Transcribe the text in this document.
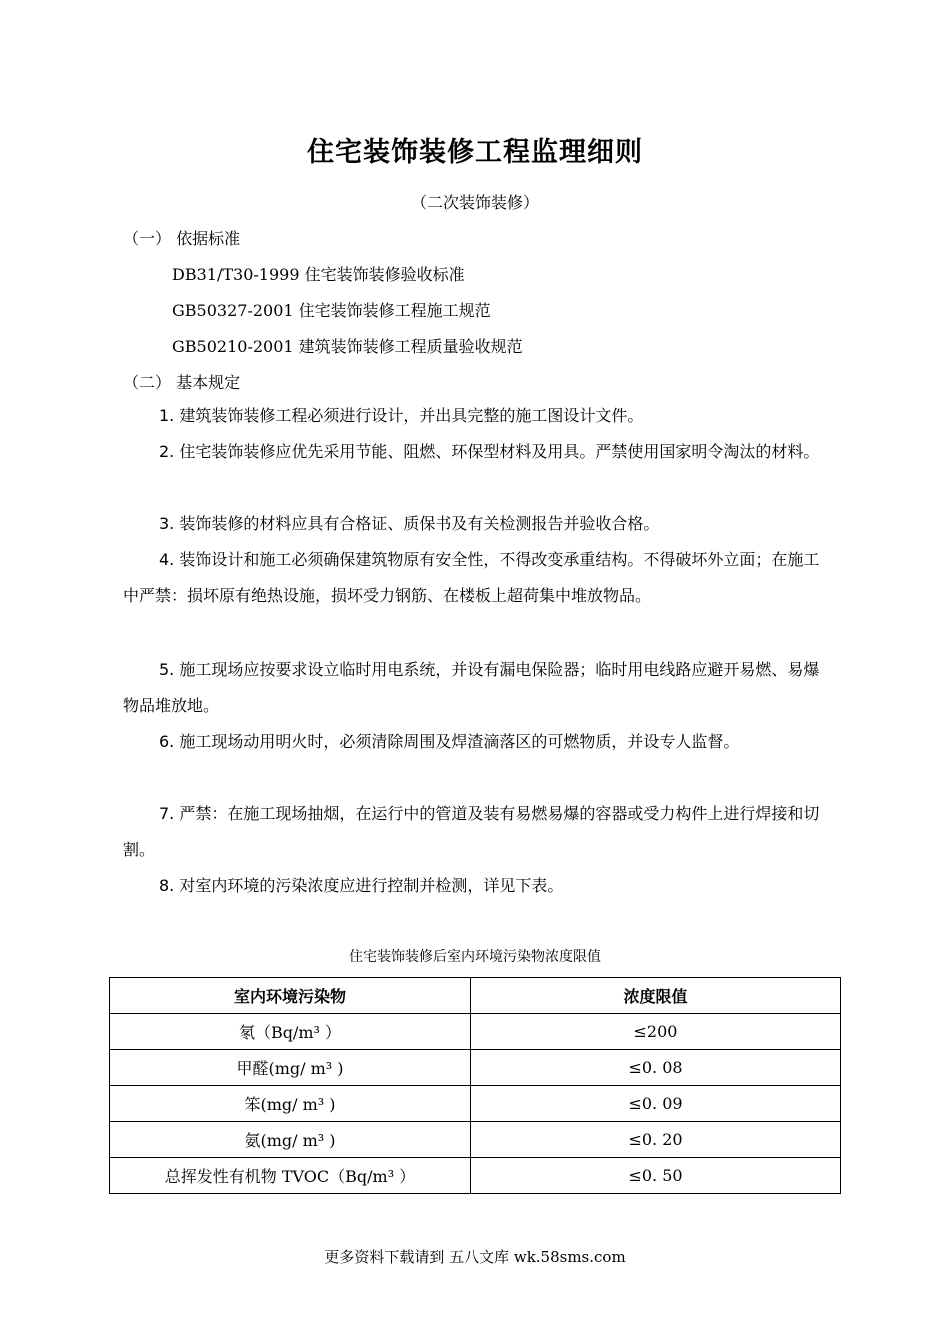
住宅装饰装修工程监理细则
（二次装饰装修）
（一） 依据标准
DB31/T30-1999 住宅装饰装修验收标准
GB50327-2001 住宅装饰装修工程施工规范
GB50210-2001 建筑装饰装修工程质量验收规范
（二） 基本规定
1. 建筑装饰装修工程必须进行设计，并出具完整的施工图设计文件。
2. 住宅装饰装修应优先采用节能、阻燃、环保型材料及用具。严禁使用国家明令淘汰的材料。
3. 装饰装修的材料应具有合格证、质保书及有关检测报告并验收合格。
4. 装饰设计和施工必须确保建筑物原有安全性，不得改变承重结构。不得破坏外立面；在施工中严禁：损坏原有绝热设施，损坏受力钢筋、在楼板上超荷集中堆放物品。
5. 施工现场应按要求设立临时用电系统，并设有漏电保险器；临时用电线路应避开易燃、易爆物品堆放地。
6. 施工现场动用明火时，必须清除周围及焊渣滴落区的可燃物质，并设专人监督。
7. 严禁：在施工现场抽烟，在运行中的管道及装有易燃易爆的容器或受力构件上进行焊接和切割。
8. 对室内环境的污染浓度应进行控制并检测，详见下表。
住宅装饰装修后室内环境污染物浓度限值
室内环境污染物	浓度限值
氡（Bq/m³ ）	≤200
甲醛(mg/ m³ )	≤0. 08
笨(mg/ m³ )	≤0. 09
氨(mg/ m³ )	≤0. 20
总挥发性有机物 TVOC（Bq/m³ ）	≤0. 50
更多资料下载请到 五八文库 wk.58sms.com
